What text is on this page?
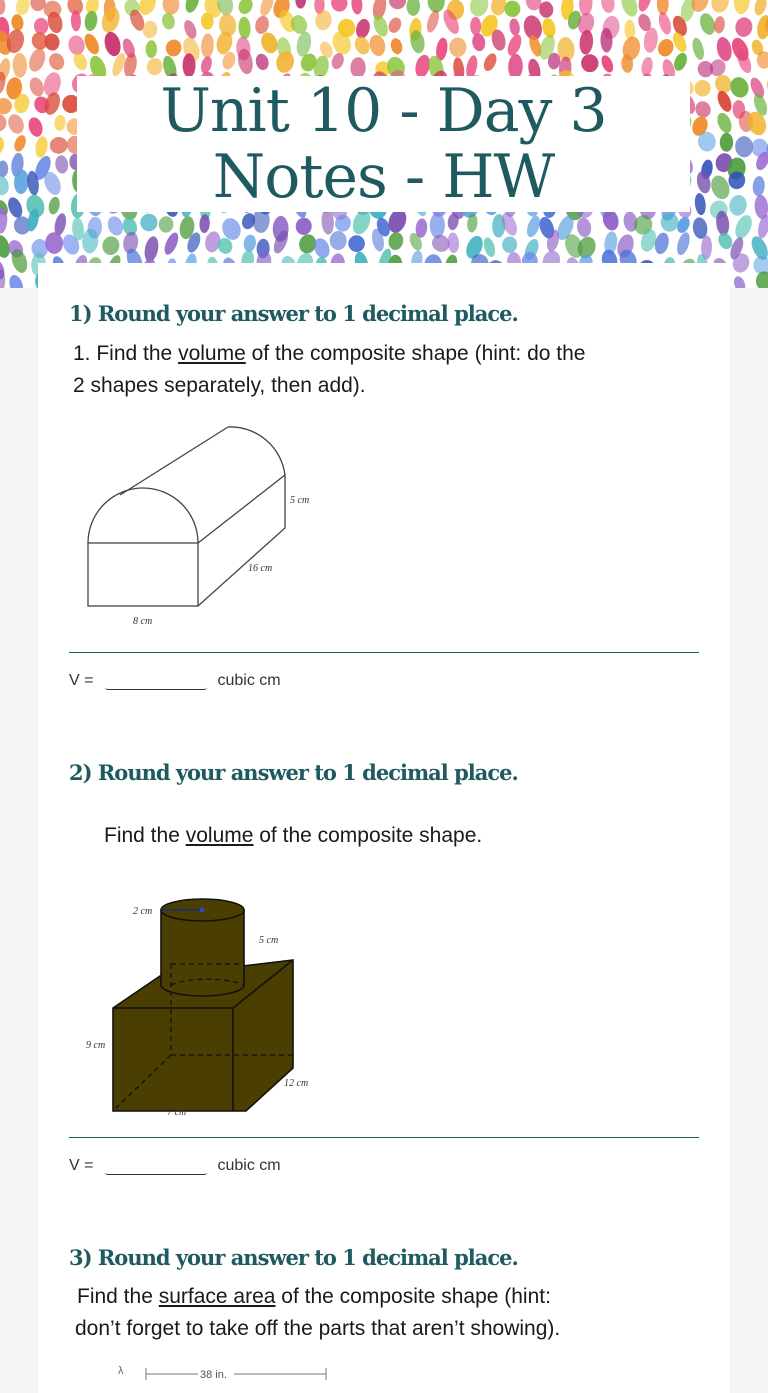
Unit 10 - Day 3
Notes - HW
1) Round your answer to 1 decimal place.
1. Find the volume of the composite shape (hint: do the
2 shapes separately, then add).
5 cm
16 cm
8 cm
V =	cubic cm
2) Round your answer to 1 decimal place.
Find the volume of the composite shape.
2 cm
5 cm
9 cm
12 cm
7 cm
V =	cubic cm
3) Round your answer to 1 decimal place.
Find the surface area of the composite shape (hint:
don’t forget to take off the parts that aren’t showing).
λ	38 in.
